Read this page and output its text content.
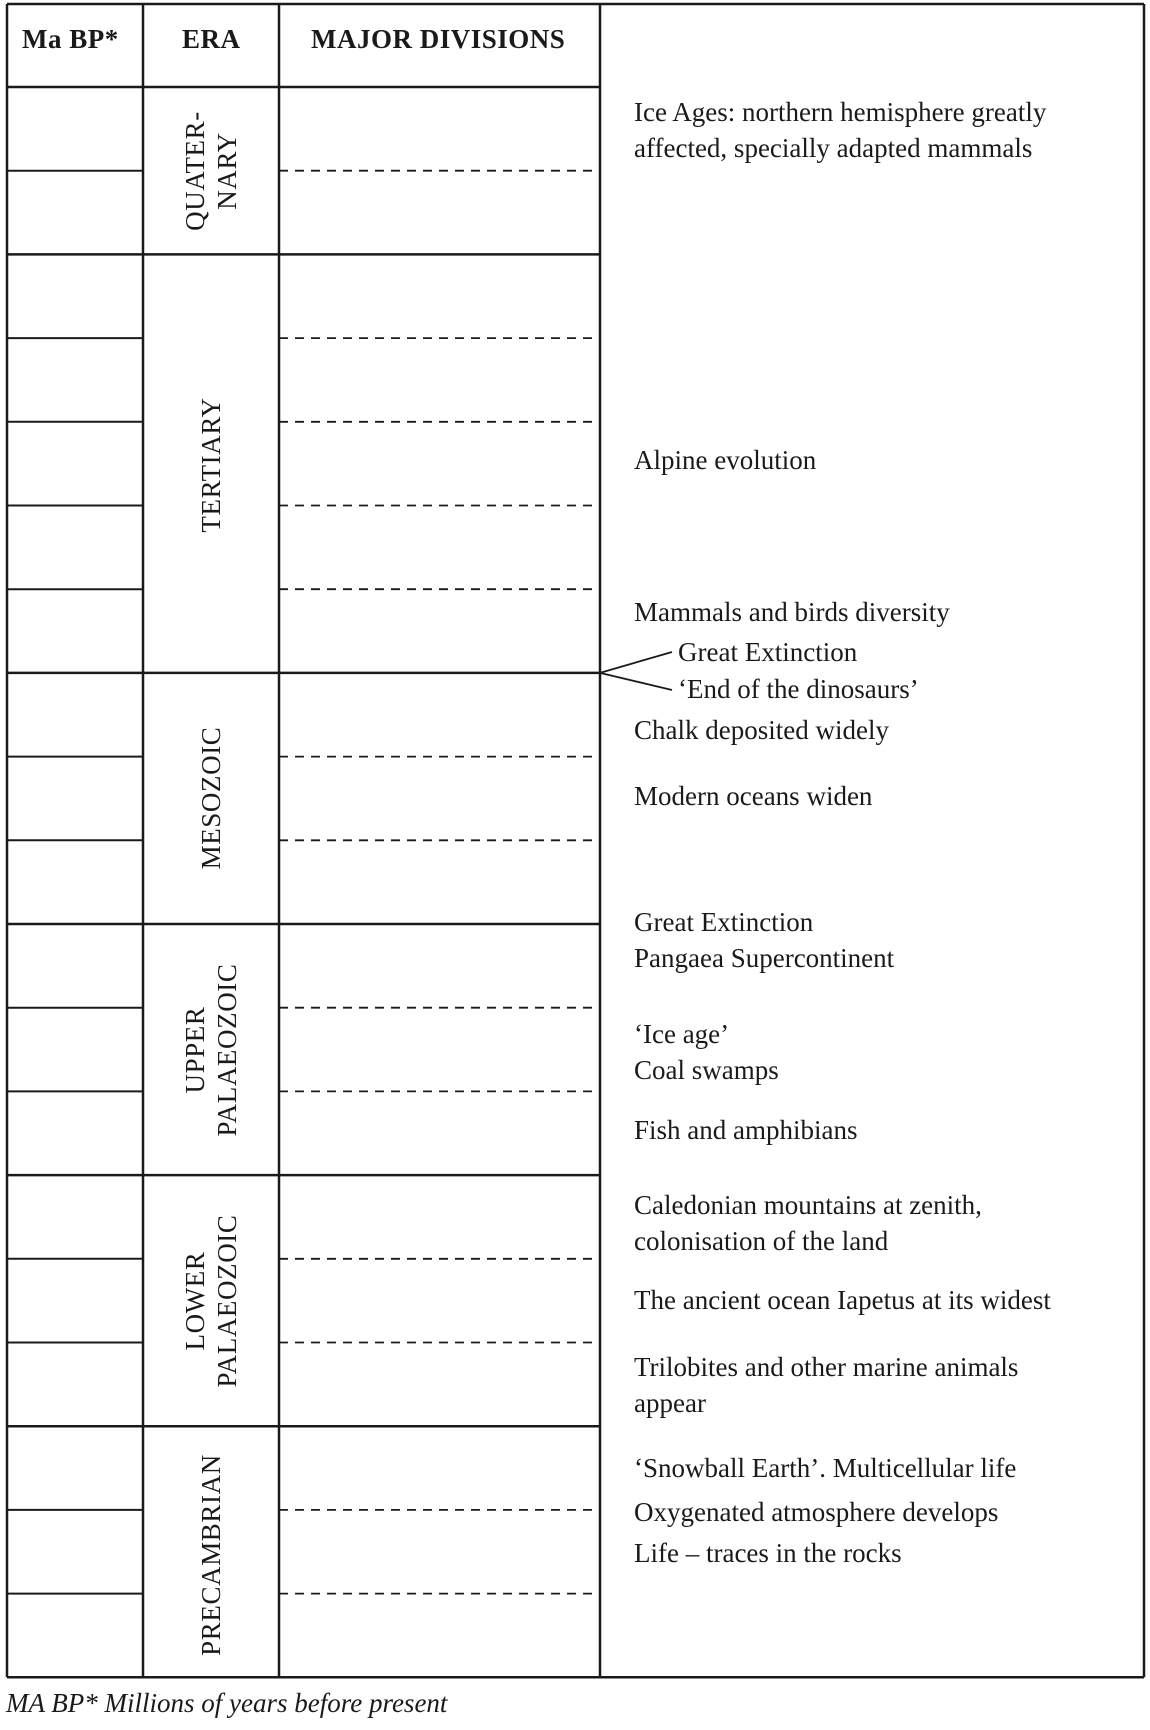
Ma BP* ERA	MAJOR DIVISIONS
MA BP* Millions of years before present
QUATER- NARY
TERTIARY
MESOZOIC
UPPER PALAEOZOIC
LOWER PALAEOZOIC
PRECAMBRIAN
Ice Ages: northern hemisphere greatly
affected, specially adapted mammals
Alpine evolution
Mammals and birds diversity
Great Extinction
‘End of the dinosaurs’
Chalk deposited widely
Modern oceans widen
Great Extinction
Pangaea Supercontinent
‘Ice age’
Coal swamps
Fish and amphibians
Caledonian mountains at zenith,
colonisation of the land
The ancient ocean Iapetus at its widest
Trilobites and other marine animals
appear
‘Snowball Earth’. Multicellular life
Oxygenated atmosphere develops
Life – traces in the rocks
